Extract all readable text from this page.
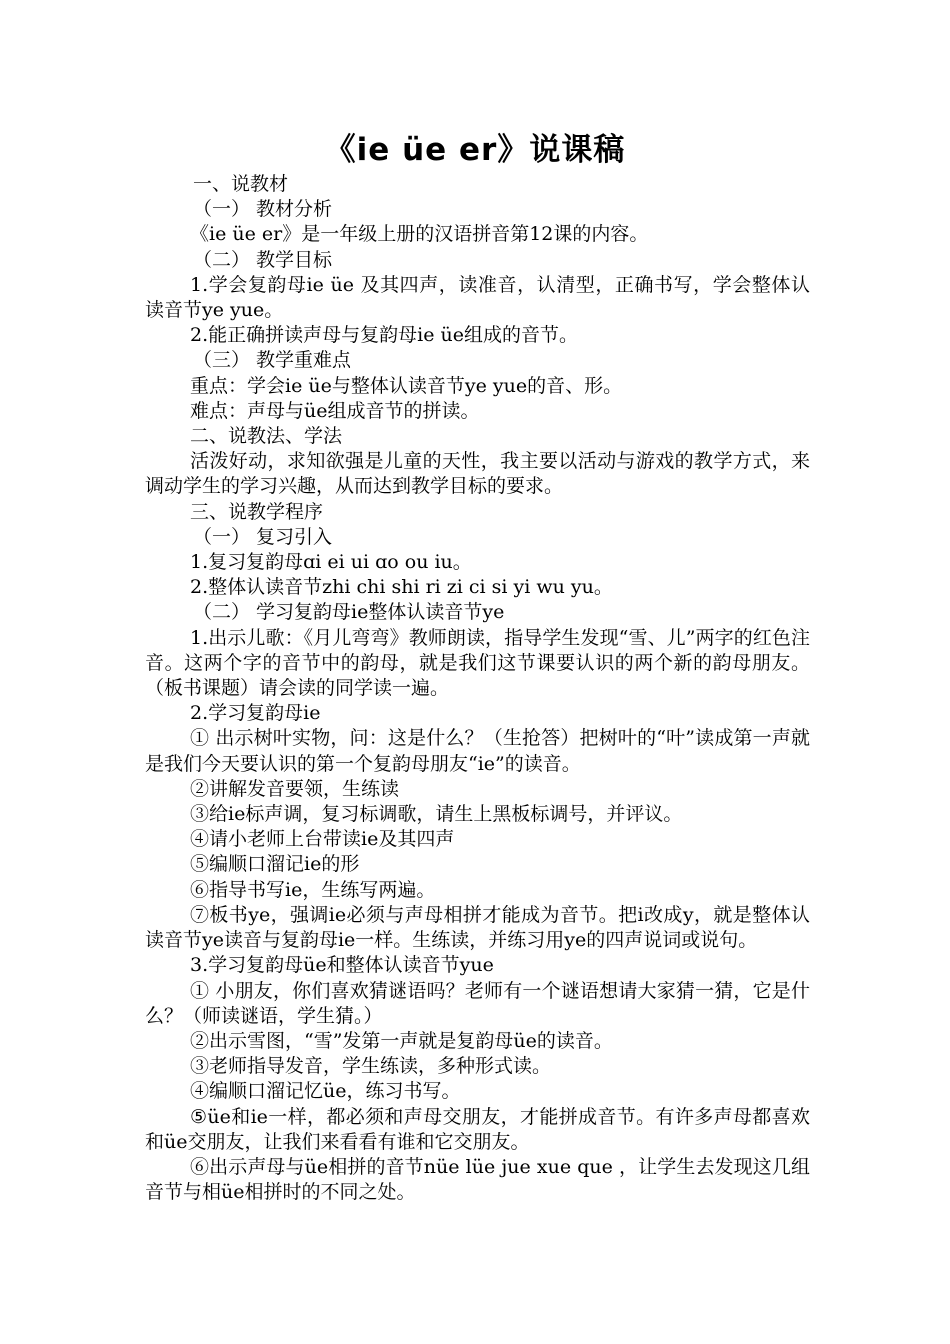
《ie üe er》说课稿

一、说教材

（一） 教材分析

《ie üe er》是一年级上册的汉语拼音第12课的内容。

（二） 教学目标

1.学会复韵母ie üe 及其四声，读准音，认清型，正确书写，学会整体认读音节ye yue。

2.能正确拼读声母与复韵母ie üe组成的音节。

（三） 教学重难点

重点：学会ie üe与整体认读音节ye yue的音、形。

难点：声母与üe组成音节的拼读。

二、说教法、学法

活泼好动，求知欲强是儿童的天性，我主要以活动与游戏的教学方式，来调动学生的学习兴趣，从而达到教学目标的要求。

三、说教学程序

（一） 复习引入

1.复习复韵母ɑi ei ui ɑo ou iu。

2.整体认读音节zhi chi shi ri zi ci si yi wu yu。

（二） 学习复韵母ie整体认读音节ye

1.出示儿歌：《月儿弯弯》教师朗读，指导学生发现“雪、儿”两字的红色注音。这两个字的音节中的韵母，就是我们这节课要认识的两个新的韵母朋友。（板书课题）请会读的同学读一遍。

2.学习复韵母ie

① 出示树叶实物，问：这是什么？（生抢答）把树叶的“叶”读成第一声就是我们今天要认识的第一个复韵母朋友“ie”的读音。

②讲解发音要领，生练读

③给ie标声调，复习标调歌，请生上黑板标调号，并评议。

④请小老师上台带读ie及其四声

⑤编顺口溜记ie的形

⑥指导书写ie，生练写两遍。

⑦板书ye，强调ie必须与声母相拼才能成为音节。把i改成y，就是整体认读音节ye读音与复韵母ie一样。生练读，并练习用ye的四声说词或说句。

3.学习复韵母üe和整体认读音节yue

① 小朋友，你们喜欢猜谜语吗？老师有一个谜语想请大家猜一猜，它是什么？（师读谜语，学生猜。）

②出示雪图，“雪”发第一声就是复韵母üe的读音。

③老师指导发音，学生练读，多种形式读。

④编顺口溜记忆üe，练习书写。

⑤üe和ie一样，都必须和声母交朋友，才能拼成音节。有许多声母都喜欢和üe交朋友，让我们来看看有谁和它交朋友。

⑥出示声母与üe相拼的音节nüe lüe jue xue que ，让学生去发现这几组音节与相üe相拼时的不同之处。
